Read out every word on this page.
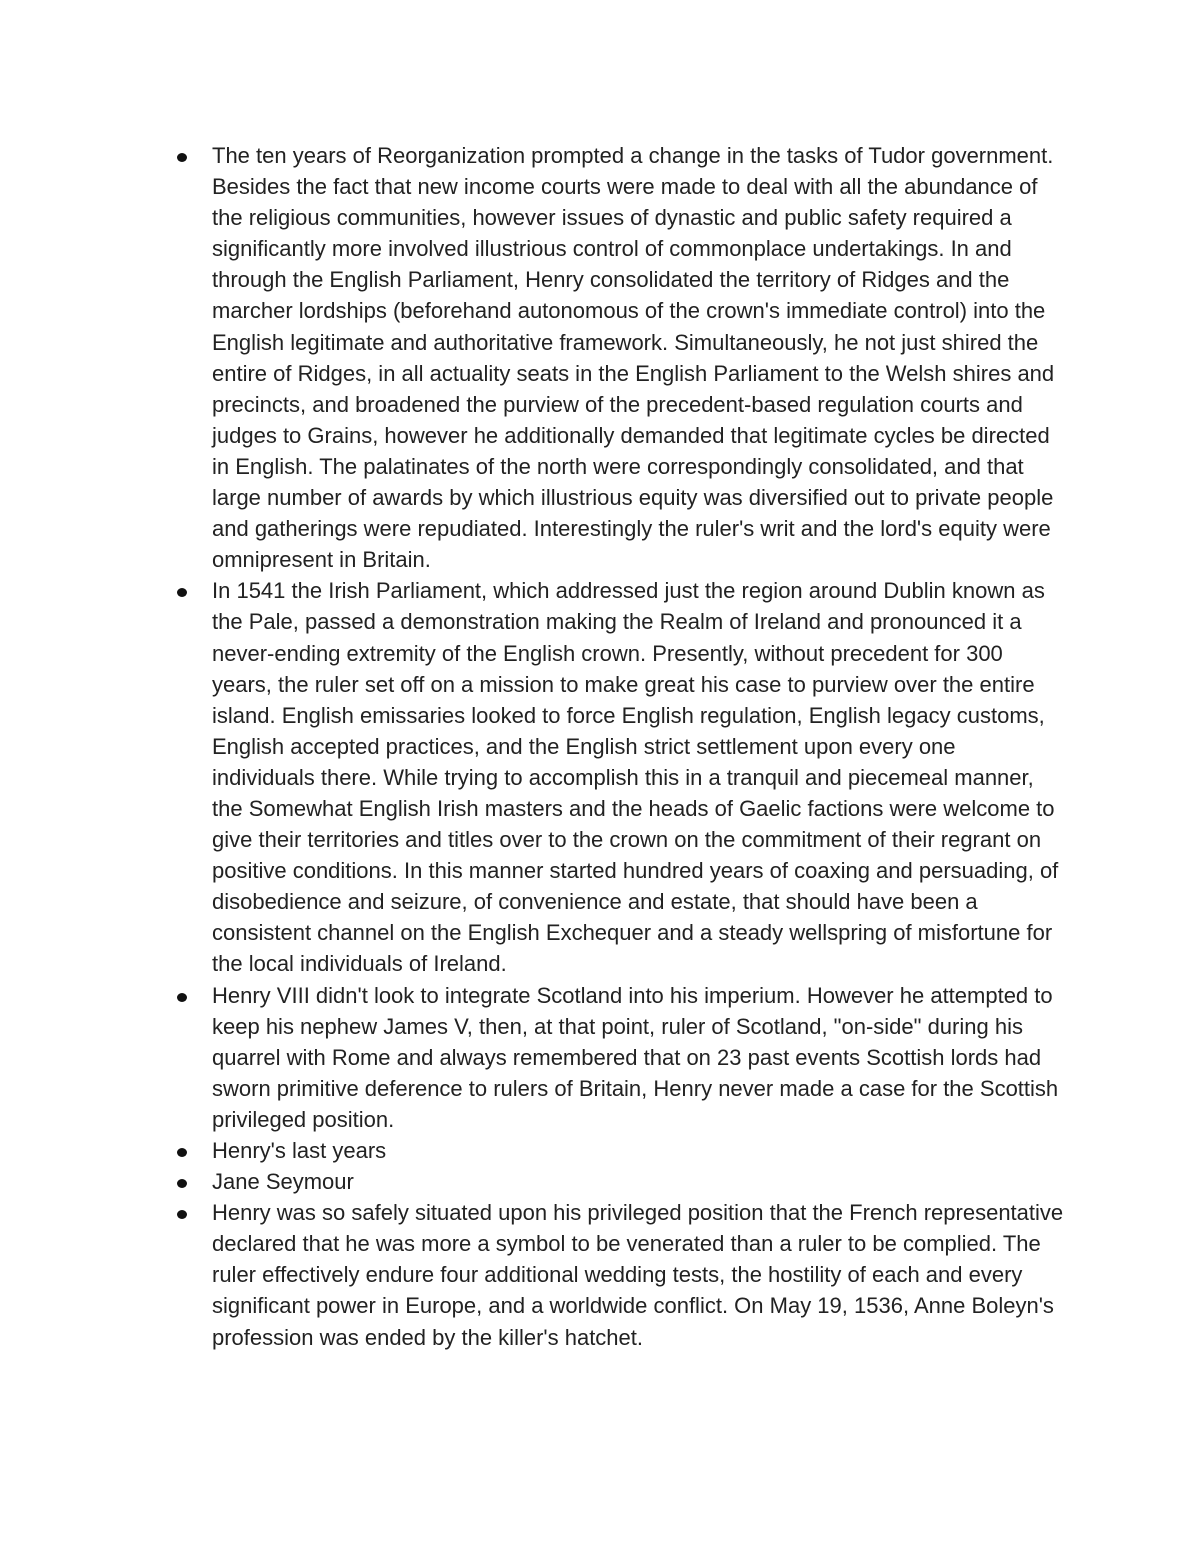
The ten years of Reorganization prompted a change in the tasks of Tudor government. Besides the fact that new income courts were made to deal with all the abundance of the religious communities, however issues of dynastic and public safety required a significantly more involved illustrious control of commonplace undertakings. In and through the English Parliament, Henry consolidated the territory of Ridges and the marcher lordships (beforehand autonomous of the crown's immediate control) into the English legitimate and authoritative framework. Simultaneously, he not just shired the entire of Ridges, in all actuality seats in the English Parliament to the Welsh shires and precincts, and broadened the purview of the precedent-based regulation courts and judges to Grains, however he additionally demanded that legitimate cycles be directed in English. The palatinates of the north were correspondingly consolidated, and that large number of awards by which illustrious equity was diversified out to private people and gatherings were repudiated. Interestingly the ruler's writ and the lord's equity were omnipresent in Britain.
In 1541 the Irish Parliament, which addressed just the region around Dublin known as the Pale, passed a demonstration making the Realm of Ireland and pronounced it a never-ending extremity of the English crown. Presently, without precedent for 300 years, the ruler set off on a mission to make great his case to purview over the entire island. English emissaries looked to force English regulation, English legacy customs, English accepted practices, and the English strict settlement upon every one individuals there. While trying to accomplish this in a tranquil and piecemeal manner, the Somewhat English Irish masters and the heads of Gaelic factions were welcome to give their territories and titles over to the crown on the commitment of their regrant on positive conditions. In this manner started hundred years of coaxing and persuading, of disobedience and seizure, of convenience and estate, that should have been a consistent channel on the English Exchequer and a steady wellspring of misfortune for the local individuals of Ireland.
Henry VIII didn't look to integrate Scotland into his imperium. However he attempted to keep his nephew James V, then, at that point, ruler of Scotland, "on-side" during his quarrel with Rome and always remembered that on 23 past events Scottish lords had sworn primitive deference to rulers of Britain, Henry never made a case for the Scottish privileged position.
Henry's last years
Jane Seymour
Henry was so safely situated upon his privileged position that the French representative declared that he was more a symbol to be venerated than a ruler to be complied. The ruler effectively endure four additional wedding tests, the hostility of each and every significant power in Europe, and a worldwide conflict. On May 19, 1536, Anne Boleyn's profession was ended by the killer's hatchet.
